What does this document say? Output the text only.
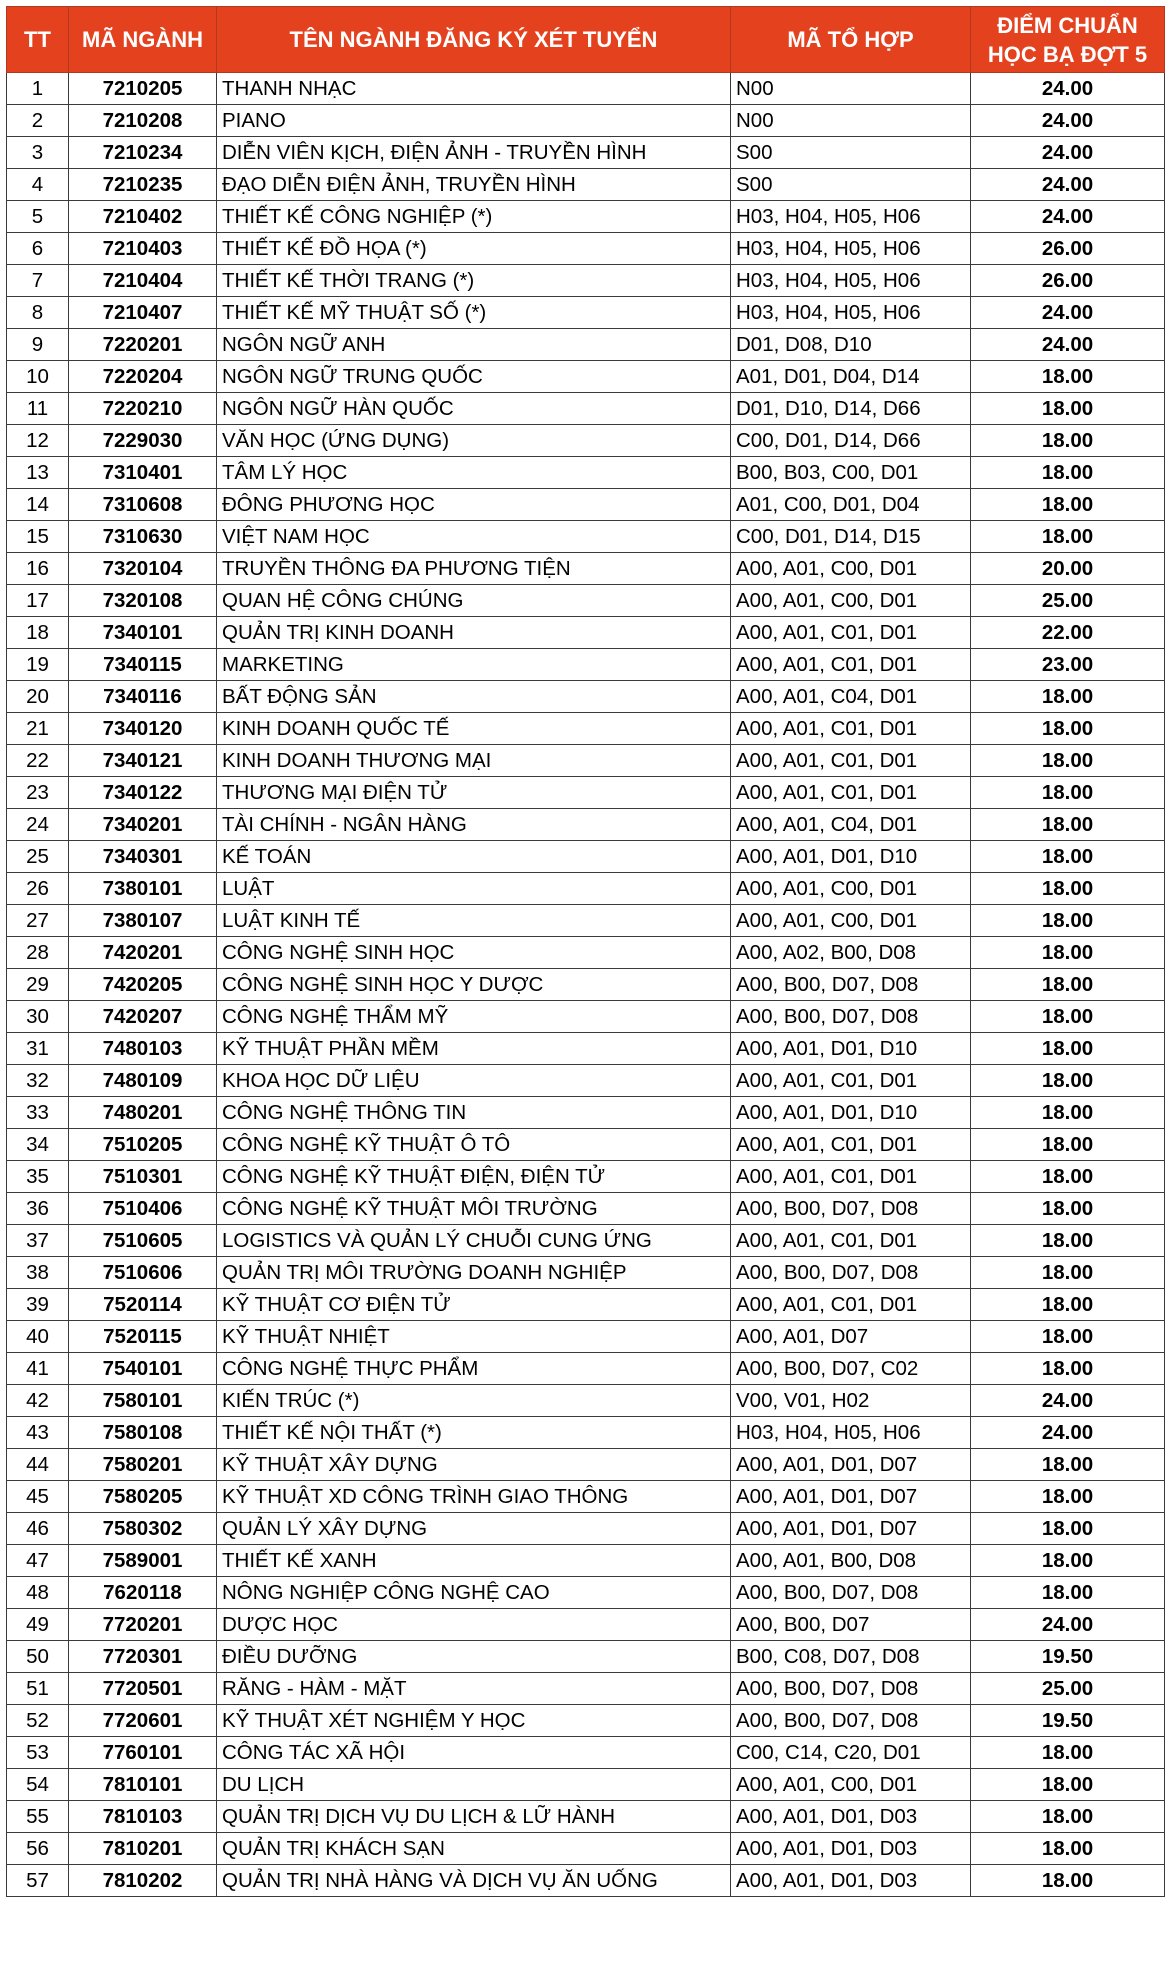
TT	MÃ NGÀNH	TÊN NGÀNH ĐĂNG KÝ XÉT TUYỂN	MÃ TỔ HỢP	ĐIỂM CHUẨN
HỌC BẠ ĐỢT 5
1	7210205	THANH NHẠC	N00	24.00
2	7210208	PIANO	N00	24.00
3	7210234	DIỄN VIÊN KỊCH, ĐIỆN ẢNH - TRUYỀN HÌNH	S00	24.00
4	7210235	ĐẠO DIỄN ĐIỆN ẢNH, TRUYỀN HÌNH	S00	24.00
5	7210402	THIẾT KẾ CÔNG NGHIỆP (*)	H03, H04, H05, H06	24.00
6	7210403	THIẾT KẾ ĐỒ HỌA (*)	H03, H04, H05, H06	26.00
7	7210404	THIẾT KẾ THỜI TRANG (*)	H03, H04, H05, H06	26.00
8	7210407	THIẾT KẾ MỸ THUẬT SỐ (*)	H03, H04, H05, H06	24.00
9	7220201	NGÔN NGỮ ANH	D01, D08, D10	24.00
10	7220204	NGÔN NGỮ TRUNG QUỐC	A01, D01, D04, D14	18.00
11	7220210	NGÔN NGỮ HÀN QUỐC	D01, D10, D14, D66	18.00
12	7229030	VĂN HỌC (ỨNG DỤNG)	C00, D01, D14, D66	18.00
13	7310401	TÂM LÝ HỌC	B00, B03, C00, D01	18.00
14	7310608	ĐÔNG PHƯƠNG HỌC	A01, C00, D01, D04	18.00
15	7310630	VIỆT NAM HỌC	C00, D01, D14, D15	18.00
16	7320104	TRUYỀN THÔNG ĐA PHƯƠNG TIỆN	A00, A01, C00, D01	20.00
17	7320108	QUAN HỆ CÔNG CHÚNG	A00, A01, C00, D01	25.00
18	7340101	QUẢN TRỊ KINH DOANH	A00, A01, C01, D01	22.00
19	7340115	MARKETING	A00, A01, C01, D01	23.00
20	7340116	BẤT ĐỘNG SẢN	A00, A01, C04, D01	18.00
21	7340120	KINH DOANH QUỐC TẾ	A00, A01, C01, D01	18.00
22	7340121	KINH DOANH THƯƠNG MẠI	A00, A01, C01, D01	18.00
23	7340122	THƯƠNG MẠI ĐIỆN TỬ	A00, A01, C01, D01	18.00
24	7340201	TÀI CHÍNH - NGÂN HÀNG	A00, A01, C04, D01	18.00
25	7340301	KẾ TOÁN	A00, A01, D01, D10	18.00
26	7380101	LUẬT	A00, A01, C00, D01	18.00
27	7380107	LUẬT KINH TẾ	A00, A01, C00, D01	18.00
28	7420201	CÔNG NGHỆ SINH HỌC	A00, A02, B00, D08	18.00
29	7420205	CÔNG NGHỆ SINH HỌC Y DƯỢC	A00, B00, D07, D08	18.00
30	7420207	CÔNG NGHỆ THẨM MỸ	A00, B00, D07, D08	18.00
31	7480103	KỸ THUẬT PHẦN MỀM	A00, A01, D01, D10	18.00
32	7480109	KHOA HỌC DỮ LIỆU	A00, A01, C01, D01	18.00
33	7480201	CÔNG NGHỆ THÔNG TIN	A00, A01, D01, D10	18.00
34	7510205	CÔNG NGHỆ KỸ THUẬT Ô TÔ	A00, A01, C01, D01	18.00
35	7510301	CÔNG NGHỆ KỸ THUẬT ĐIỆN, ĐIỆN TỬ	A00, A01, C01, D01	18.00
36	7510406	CÔNG NGHỆ KỸ THUẬT MÔI TRƯỜNG	A00, B00, D07, D08	18.00
37	7510605	LOGISTICS VÀ QUẢN LÝ CHUỖI CUNG ỨNG	A00, A01, C01, D01	18.00
38	7510606	QUẢN TRỊ MÔI TRƯỜNG DOANH NGHIỆP	A00, B00, D07, D08	18.00
39	7520114	KỸ THUẬT CƠ ĐIỆN TỬ	A00, A01, C01, D01	18.00
40	7520115	KỸ THUẬT NHIỆT	A00, A01, D07	18.00
41	7540101	CÔNG NGHỆ THỰC PHẨM	A00, B00, D07, C02	18.00
42	7580101	KIẾN TRÚC (*)	V00, V01, H02	24.00
43	7580108	THIẾT KẾ NỘI THẤT (*)	H03, H04, H05, H06	24.00
44	7580201	KỸ THUẬT XÂY DỰNG	A00, A01, D01, D07	18.00
45	7580205	KỸ THUẬT XD CÔNG TRÌNH GIAO THÔNG	A00, A01, D01, D07	18.00
46	7580302	QUẢN LÝ XÂY DỰNG	A00, A01, D01, D07	18.00
47	7589001	THIẾT KẾ XANH	A00, A01, B00, D08	18.00
48	7620118	NÔNG NGHIỆP CÔNG NGHỆ CAO	A00, B00, D07, D08	18.00
49	7720201	DƯỢC HỌC	A00, B00, D07	24.00
50	7720301	ĐIỀU DƯỠNG	B00, C08, D07, D08	19.50
51	7720501	RĂNG - HÀM - MẶT	A00, B00, D07, D08	25.00
52	7720601	KỸ THUẬT XÉT NGHIỆM Y HỌC	A00, B00, D07, D08	19.50
53	7760101	CÔNG TÁC XÃ HỘI	C00, C14, C20, D01	18.00
54	7810101	DU LỊCH	A00, A01, C00, D01	18.00
55	7810103	QUẢN TRỊ DỊCH VỤ DU LỊCH & LỮ HÀNH	A00, A01, D01, D03	18.00
56	7810201	QUẢN TRỊ KHÁCH SẠN	A00, A01, D01, D03	18.00
57	7810202	QUẢN TRỊ NHÀ HÀNG VÀ DỊCH VỤ ĂN UỐNG	A00, A01, D01, D03	18.00
